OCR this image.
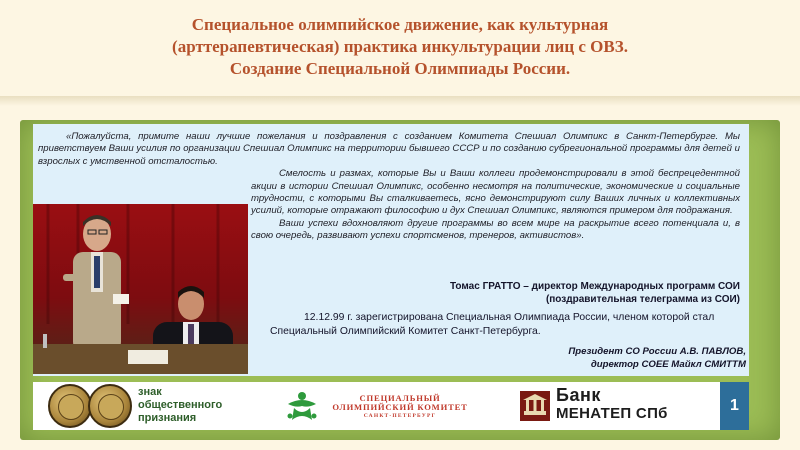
Специальное олимпийское движение, как культурная
(арттерапевтическая) практика инкультурации лиц с ОВЗ.
Создание Специальной Олимпиады России.

«Пожалуйста, примите наши лучшие пожелания и поздравления с созданием Комитета Спешиал Олимпикс в Санкт-Петербурге. Мы приветствуем Ваши усилия по организации Спешиал Олимпикс на территории бывшего СССР и по созданию субрегиональной программы для детей и взрослых с умственной отсталостью.

Смелость и размах, которые Вы и Ваши коллеги продемонстрировали в этой беспрецедентной акции в истории Спешиал Олимпикс, особенно несмотря на политические, экономические и социальные трудности, с которыми Вы сталкиваетесь, ясно демонстрируют силу Ваших личных и коллективных усилий, которые отражают философию и дух Спешиал Олимпикс, являются примером для подражания.

Ваши успехи вдохновляют другие программы во всем мире на раскрытие всего потенциала и, в свою очередь, развивают успехи спортсменов, тренеров, активистов».

Томас ГРАТТО – директор Международных программ СОИ
(поздравительная телеграмма из СОИ)
12.12.99 г. зарегистрирована Специальная Олимпиада России, членом которой стал Специальный Олимпийский Комитет Санкт-Петербурга.
Президент СО России А.В. ПАВЛОВ,
директор СОЕЕ Майкл СМИТТМ
знак
общественного
признания
СПЕЦИАЛЬНЫЙ
ОЛИМПИЙСКИЙ КОМИТЕТ
САНКТ-ПЕТЕРБУРГ
Банк
МЕНАТЕП СПб	1
